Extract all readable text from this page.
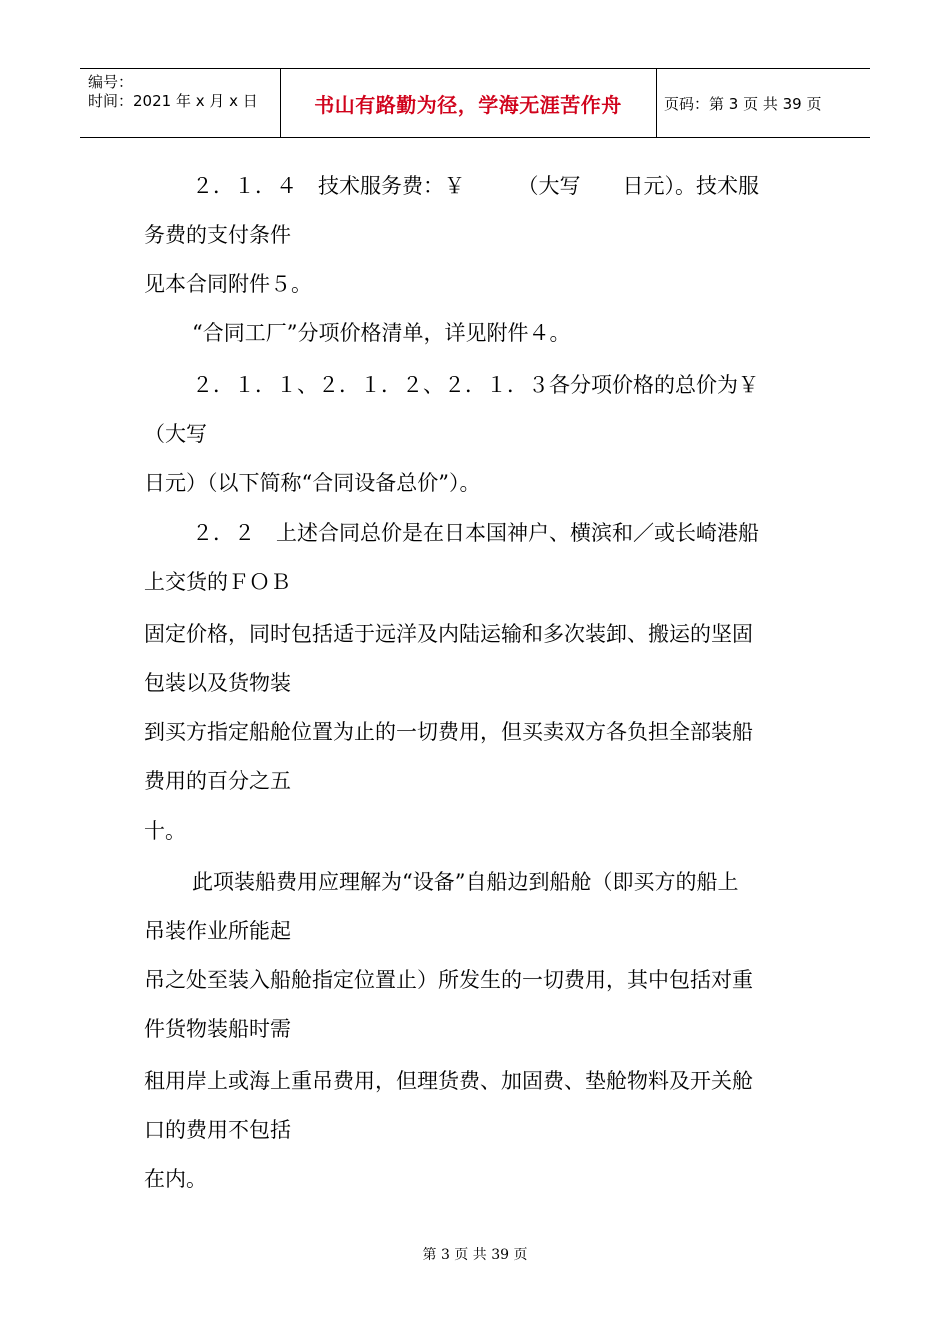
编号：
时间：2021 年 x 月 x 日	书山有路勤为径，学海无涯苦作舟	页码：第 3 页 共 39 页
２．１．４　技术服务费：￥　　　（大写　　日元）。技术服
务费的支付条件
见本合同附件５。
“合同工厂”分项价格清单，详见附件４。
２．１．１、２．１．２、２．１．３各分项价格的总价为￥
（大写
日元）（以下简称“合同设备总价”）。
２．２　上述合同总价是在日本国神户、横滨和／或长崎港船
上交货的ＦＯＢ
固定价格，同时包括适于远洋及内陆运输和多次装卸、搬运的坚固
包装以及货物装
到买方指定船舱位置为止的一切费用，但买卖双方各负担全部装船
费用的百分之五
十。
此项装船费用应理解为“设备”自船边到船舱（即买方的船上
吊装作业所能起
吊之处至装入船舱指定位置止）所发生的一切费用，其中包括对重
件货物装船时需
租用岸上或海上重吊费用，但理货费、加固费、垫舱物料及开关舱
口的费用不包括
在内。
第 3 页 共 39 页
